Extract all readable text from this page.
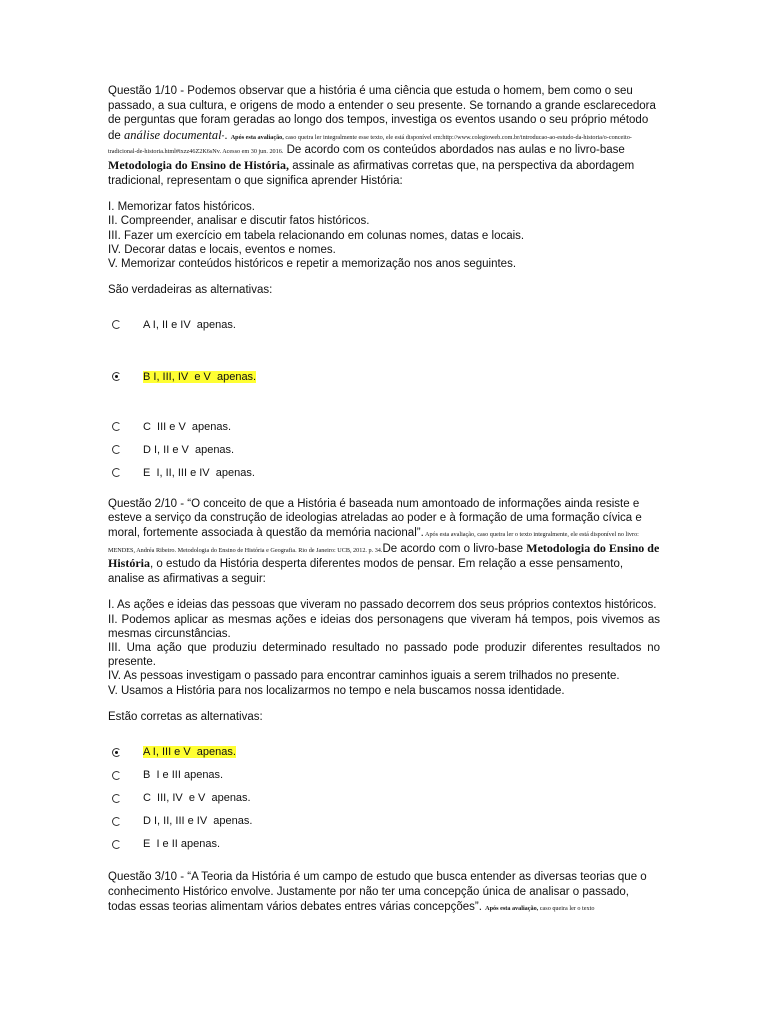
Questão 1/10 - Podemos observar que a história é uma ciência que estuda o homem, bem como o seu passado, a sua cultura, e origens de modo a entender o seu presente. Se tornando a grande esclarecedora de perguntas que foram geradas ao longo dos tempos, investiga os eventos usando o seu próprio método de análise documental”. Após esta avaliação, caso queira ler integralmente esse texto, ele está disponível em:http://www.colegioweb.com.br/introducao-ao-estudo-da-historia/o-conceito-tradicional-de-historia.html#ixzz46Z2K6sNv. Acesso em 30 jun. 2016. De acordo com os conteúdos abordados nas aulas e no livro-base Metodologia do Ensino de História, assinale as afirmativas corretas que, na perspectiva da abordagem tradicional, representam o que significa aprender História:

I. Memorizar fatos históricos.

II. Compreender, analisar e discutir fatos históricos.

III. Fazer um exercício em tabela relacionando em colunas nomes, datas e locais.

IV. Decorar datas e locais, eventos e nomes.

V. Memorizar conteúdos históricos e repetir a memorização nos anos seguintes.

São verdadeiras as alternativas:

A I, II e IV  apenas.
B I, III, IV  e V  apenas.
C  III e V  apenas.
D I, II e V  apenas.
E  I, II, III e IV  apenas.

Questão 2/10 - “O conceito de que a História é baseada num amontoado de informações ainda resiste e esteve a serviço da construção de ideologias atreladas ao poder e à formação de uma formação cívica e moral, fortemente associada à questão da memória nacional”. Após esta avaliação, caso queira ler o texto integralmente, ele está disponível no livro: MENDES, Andréa Ribeiro. Metodologia do Ensino de História e Geografia. Rio de Janeiro: UCB, 2012. p. 34.De acordo com o livro-base Metodologia do Ensino de História, o estudo da História desperta diferentes modos de pensar. Em relação a esse pensamento, analise as afirmativas a seguir:

I. As ações e ideias das pessoas que viveram no passado decorrem dos seus próprios contextos históricos.

II. Podemos aplicar as mesmas ações e ideias dos personagens que viveram há tempos, pois vivemos as mesmas circunstâncias.

III. Uma ação que produziu determinado resultado no passado pode produzir diferentes resultados no presente.

IV. As pessoas investigam o passado para encontrar caminhos iguais a serem trilhados no presente.

V. Usamos a História para nos localizarmos no tempo e nela buscamos nossa identidade.

Estão corretas as alternativas:

A I, III e V  apenas.
B  I e III apenas.
C  III, IV  e V  apenas.
D I, II, III e IV  apenas.
E  I e II apenas.

Questão 3/10 - “A Teoria da História é um campo de estudo que busca entender as diversas teorias que o conhecimento Histórico envolve. Justamente por não ter uma concepção única de analisar o passado, todas essas teorias alimentam vários debates entres várias concepções”. Após esta avaliação, caso queira ler o texto
